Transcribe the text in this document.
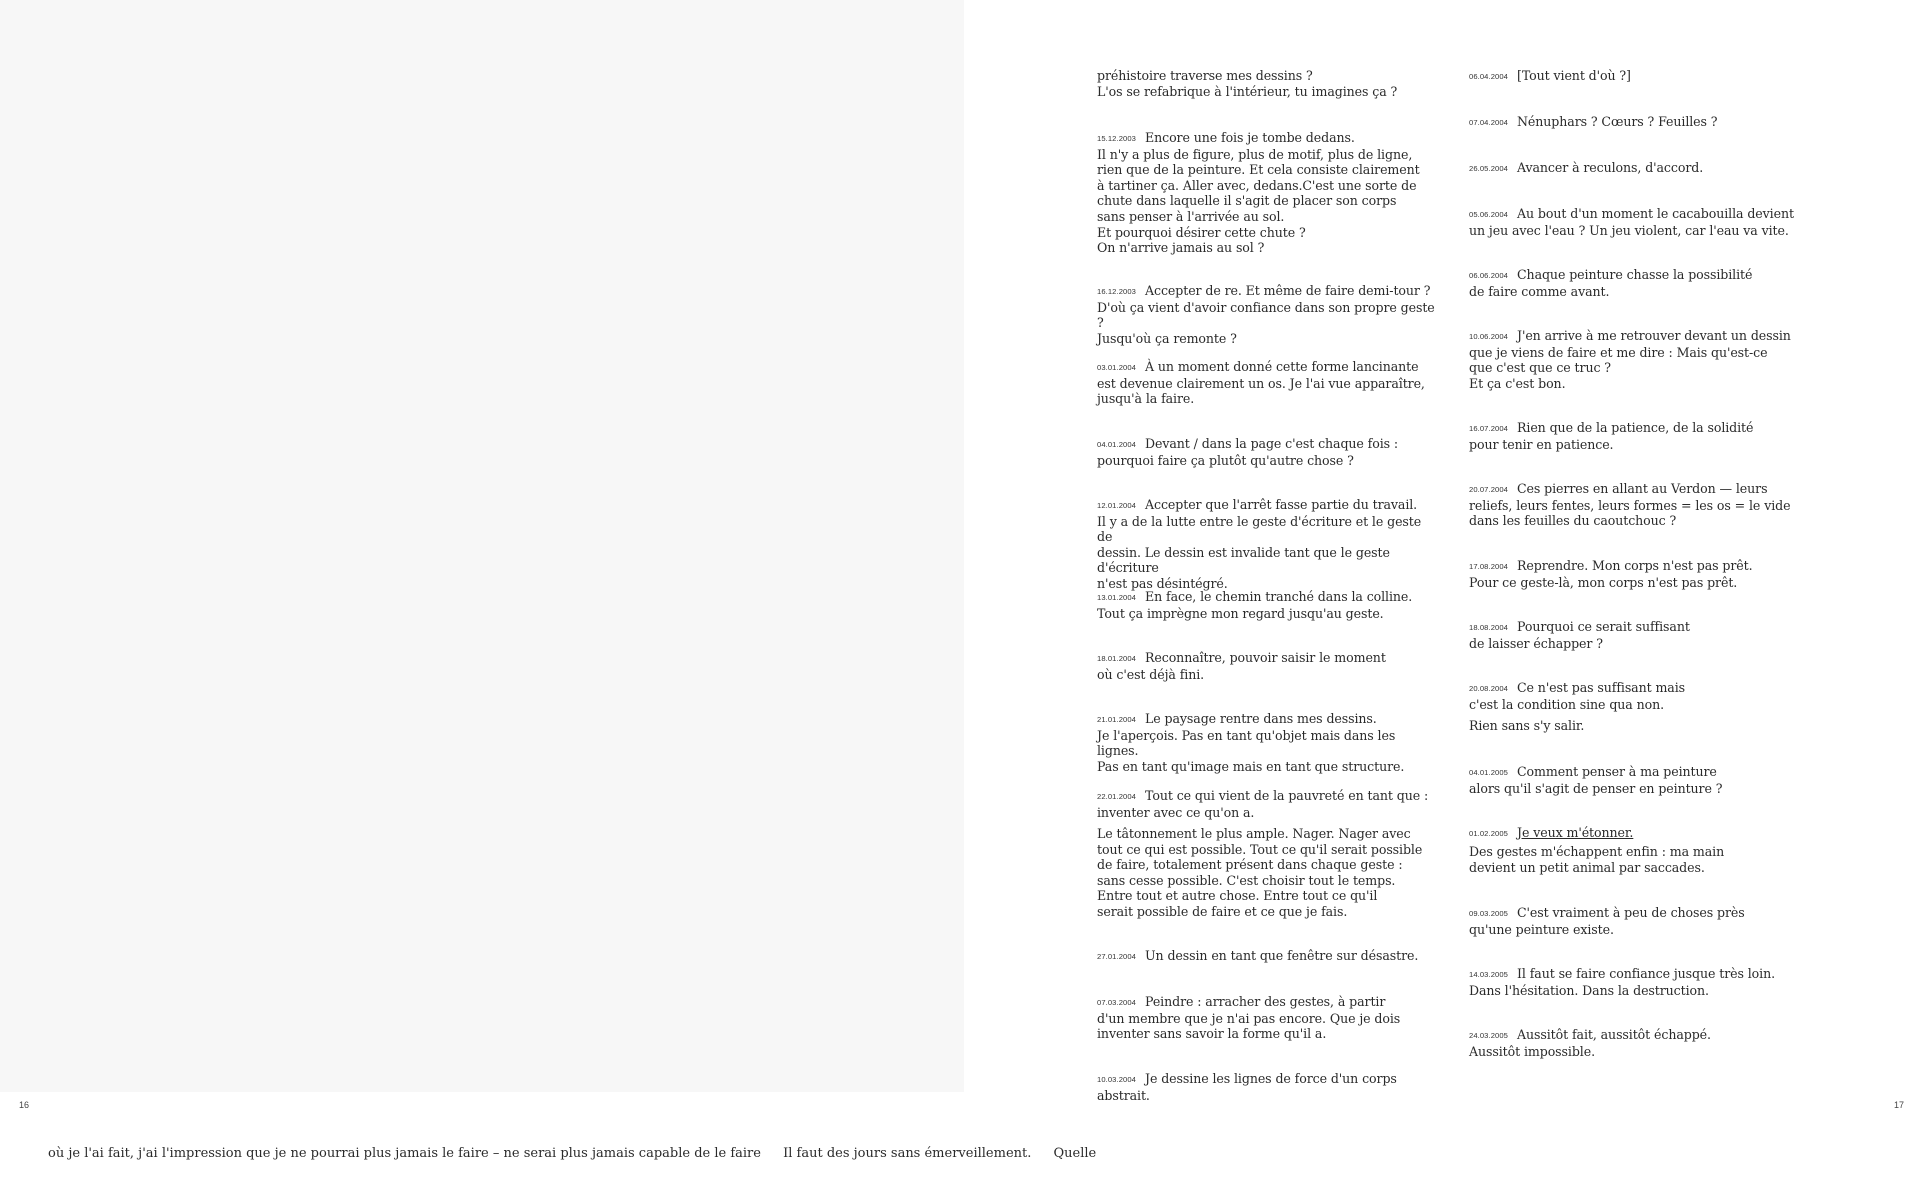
16	17

préhistoire traverse mes dessins ?
L'os se refabrique à l'intérieur, tu imagines ça ?

15.12.2003 Encore une fois je tombe dedans.
Il n'y a plus de figure, plus de motif, plus de ligne,
rien que de la peinture. Et cela consiste clairement
à tartiner ça. Aller avec, dedans.C'est une sorte de
chute dans laquelle il s'agit de placer son corps
sans penser à l'arrivée au sol.
Et pourquoi désirer cette chute ?
On n'arrive jamais au sol ?

16.12.2003 Accepter de re. Et même de faire demi-tour ?
D'où ça vient d'avoir confiance dans son propre geste ?
Jusqu'où ça remonte ?

03.01.2004 À un moment donné cette forme lancinante
est devenue clairement un os. Je l'ai vue apparaître,
jusqu'à la faire.

04.01.2004 Devant / dans la page c'est chaque fois :
pourquoi faire ça plutôt qu'autre chose ?

12.01.2004 Accepter que l'arrêt fasse partie du travail.
Il y a de la lutte entre le geste d'écriture et le geste de
dessin. Le dessin est invalide tant que le geste d'écriture
n'est pas désintégré.

13.01.2004 En face, le chemin tranché dans la colline.
Tout ça imprègne mon regard jusqu'au geste.

18.01.2004 Reconnaître, pouvoir saisir le moment
où c'est déjà fini.

21.01.2004 Le paysage rentre dans mes dessins.
Je l'aperçois. Pas en tant qu'objet mais dans les lignes.
Pas en tant qu'image mais en tant que structure.

22.01.2004 Tout ce qui vient de la pauvreté en tant que :
inventer avec ce qu'on a.

Le tâtonnement le plus ample. Nager. Nager avec
tout ce qui est possible. Tout ce qu'il serait possible
de faire, totalement présent dans chaque geste :
sans cesse possible. C'est choisir tout le temps.
Entre tout et autre chose. Entre tout ce qu'il
serait possible de faire et ce que je fais.

27.01.2004 Un dessin en tant que fenêtre sur désastre.

07.03.2004 Peindre : arracher des gestes, à partir
d'un membre que je n'ai pas encore. Que je dois
inventer sans savoir la forme qu'il a.

10.03.2004 Je dessine les lignes de force d'un corps abstrait.

06.04.2004 [Tout vient d'où ?]

07.04.2004 Nénuphars ? Cœurs ? Feuilles ?

26.05.2004 Avancer à reculons, d'accord.

05.06.2004 Au bout d'un moment le cacabouilla devient
un jeu avec l'eau ? Un jeu violent, car l'eau va vite.

06.06.2004 Chaque peinture chasse la possibilité
de faire comme avant.

10.06.2004 J'en arrive à me retrouver devant un dessin
que je viens de faire et me dire : Mais qu'est-ce
que c'est que ce truc ?
Et ça c'est bon.

16.07.2004 Rien que de la patience, de la solidité
pour tenir en patience.

20.07.2004 Ces pierres en allant au Verdon — leurs
reliefs, leurs fentes, leurs formes = les os = le vide
dans les feuilles du caoutchouc ?

17.08.2004 Reprendre. Mon corps n'est pas prêt.
Pour ce geste-là, mon corps n'est pas prêt.

18.08.2004 Pourquoi ce serait suffisant
de laisser échapper ?

20.08.2004 Ce n'est pas suffisant mais
c'est la condition sine qua non.

Rien sans s'y salir.

04.01.2005 Comment penser à ma peinture
alors qu'il s'agit de penser en peinture ?

01.02.2005 Je veux m'étonner.

Des gestes m'échappent enfin : ma main
devient un petit animal par saccades.

09.03.2005 C'est vraiment à peu de choses près
qu'une peinture existe.

14.03.2005 Il faut se faire confiance jusque très loin.
Dans l'hésitation. Dans la destruction.

24.03.2005 Aussitôt fait, aussitôt échappé.
Aussitôt impossible.

où je l'ai fait, j'ai l'impression que je ne pourrai plus jamais le faire – ne serai plus jamais capable de le faire Il faut des jours sans émerveillement. Quelle
